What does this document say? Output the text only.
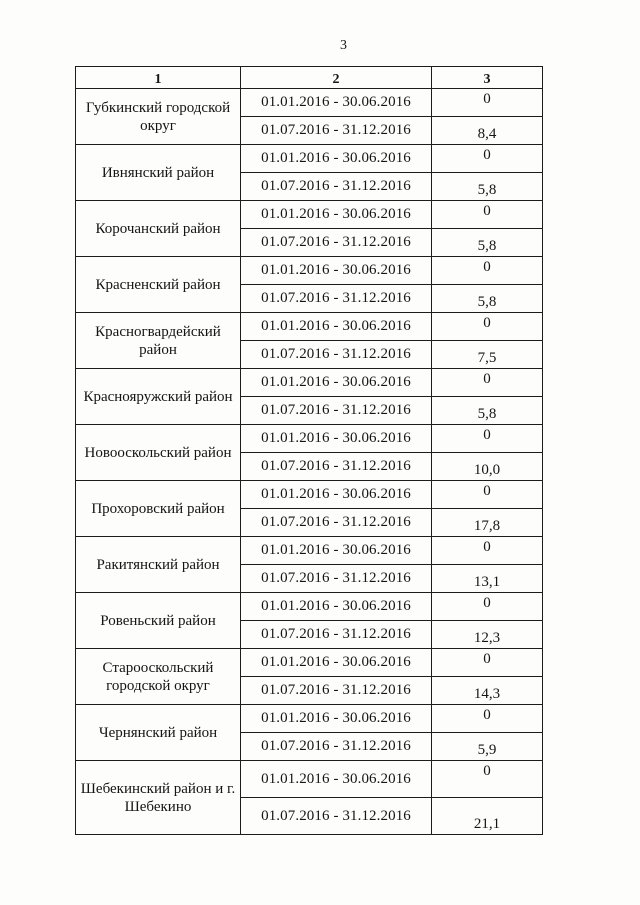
3
1	2	3
Губкинский городской округ	01.01.2016 - 30.06.2016	0
	01.07.2016 - 31.12.2016	8,4
Ивнянский район	01.01.2016 - 30.06.2016	0
	01.07.2016 - 31.12.2016	5,8
Корочанский район	01.01.2016 - 30.06.2016	0
	01.07.2016 - 31.12.2016	5,8
Красненский район	01.01.2016 - 30.06.2016	0
	01.07.2016 - 31.12.2016	5,8
Красногвардейский район	01.01.2016 - 30.06.2016	0
	01.07.2016 - 31.12.2016	7,5
Краснояружский район	01.01.2016 - 30.06.2016	0
	01.07.2016 - 31.12.2016	5,8
Новооскольский район	01.01.2016 - 30.06.2016	0
	01.07.2016 - 31.12.2016	10,0
Прохоровский район	01.01.2016 - 30.06.2016	0
	01.07.2016 - 31.12.2016	17,8
Ракитянский район	01.01.2016 - 30.06.2016	0
	01.07.2016 - 31.12.2016	13,1
Ровеньский район	01.01.2016 - 30.06.2016	0
	01.07.2016 - 31.12.2016	12,3
Старооскольский городской округ	01.01.2016 - 30.06.2016	0
	01.07.2016 - 31.12.2016	14,3
Чернянский район	01.01.2016 - 30.06.2016	0
	01.07.2016 - 31.12.2016	5,9
Шебекинский район и г. Шебекино	01.01.2016 - 30.06.2016	0
	01.07.2016 - 31.12.2016	21,1
